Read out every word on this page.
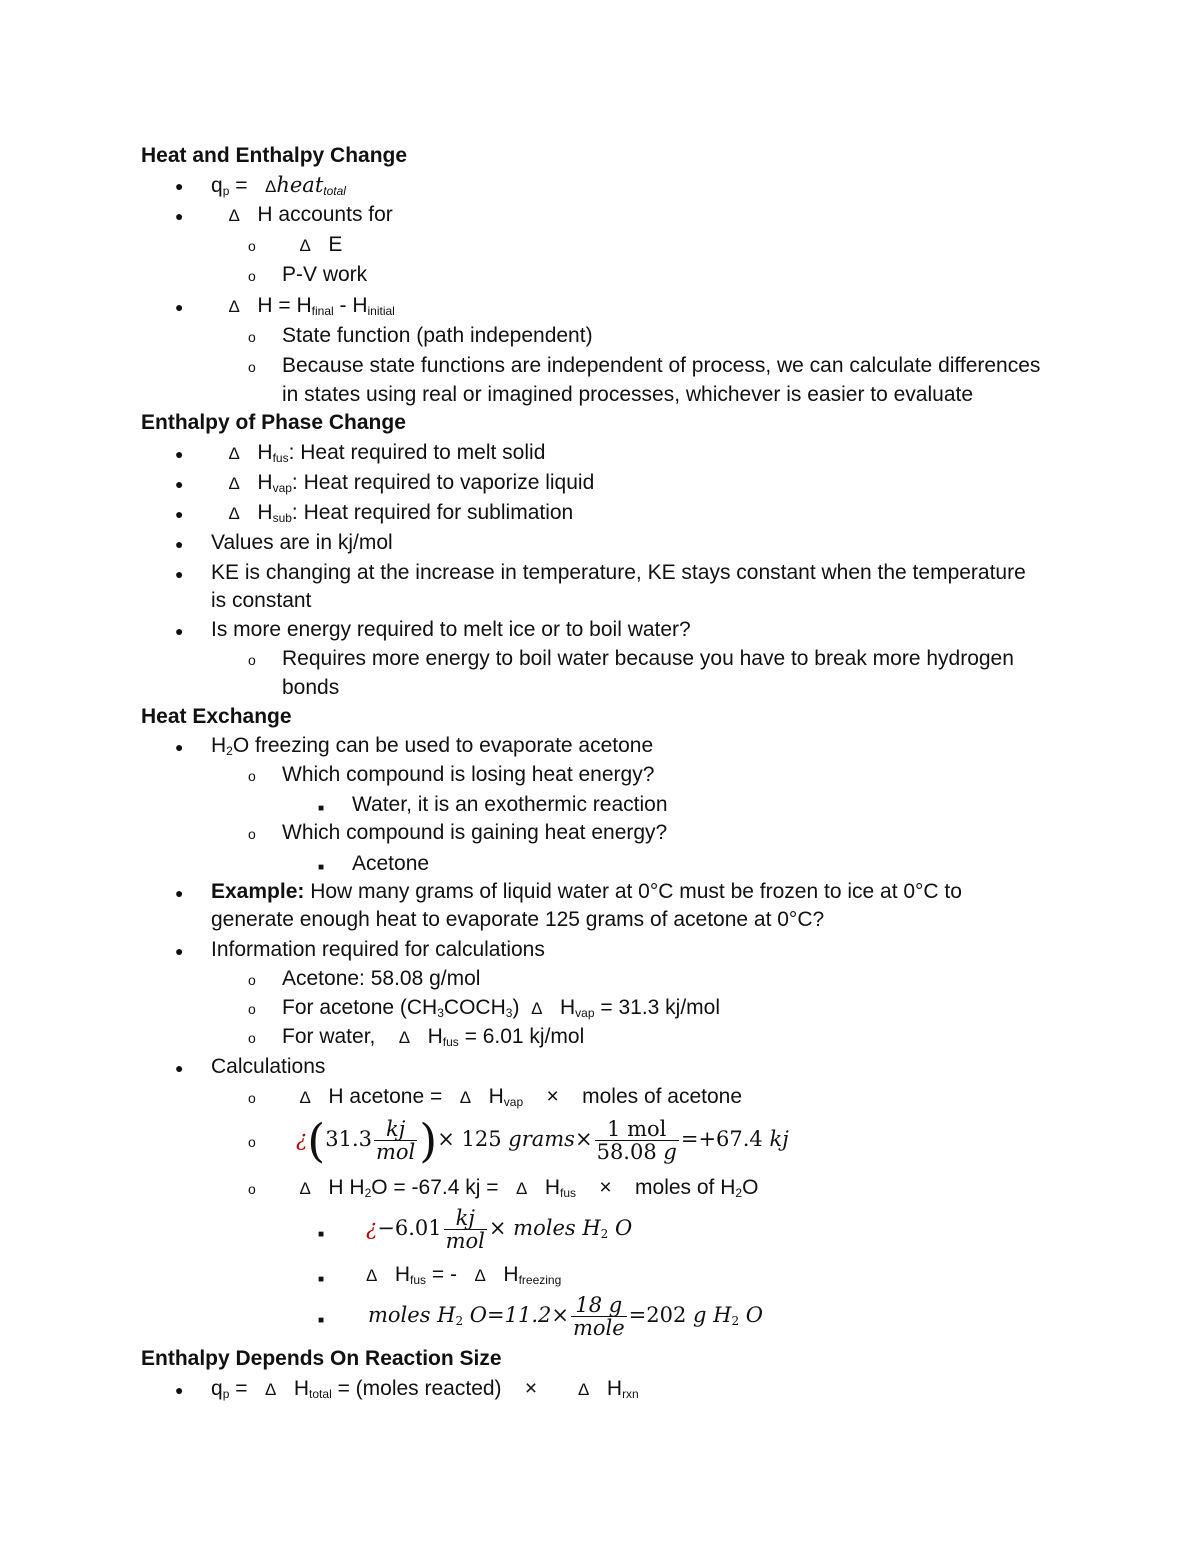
Heat and Enthalpy Change
● $q_p$ = Δheat$_{total}$
●	Δ H accounts for
o	Δ E
o P-V work
●	Δ $H = H_{final} - H_{initial}$
o State function (path independent)
o Because state functions are independent of process, we can calculate differences
in states using real or imagined processes, whichever is easier to evaluate
Enthalpy of Phase Change
●	Δ $H_{fus}$: Heat required to melt solid
●	Δ $H_{vap}$: Heat required to vaporize liquid
●	Δ $H_{sub}$: Heat required for sublimation
● Values are in kj/mol
● KE is changing at the increase in temperature, KE stays constant when the temperature
is constant
● Is more energy required to melt ice or to boil water?
o Requires more energy to boil water because you have to break more hydrogen
bonds
Heat Exchange
● $H_2O$ freezing can be used to evaporate acetone
o Which compound is losing heat energy?
■ Water, it is an exothermic reaction
o Which compound is gaining heat energy?
■ Acetone
● Example: How many grams of liquid water at 0°C must be frozen to ice at 0°C to
generate enough heat to evaporate 125 grams of acetone at 0°C?
● Information required for calculations
o Acetone: 58.08 g/mol
o For acetone $(CH_3COCH_3)$ Δ $H_{vap} = 31.3$ kj/mol
o For water, Δ $H_{fus} = 6.01$ kj/mol
● Calculations
o	Δ H acetone = Δ $H_{vap}$ × moles of acetone
o ¿($31.3 \frac{kj}{\text{mol}}$ )× 125 grams× $\frac{\text{1 mol}}{58.08 g} =+67.4$ kj
o	Δ H $H_2O = -67.4$ kj = Δ $H_{fus}$ × moles of $H_2O$
■ ¿$-6.01 \frac{kj}{\text{mol}}$ × moles $H_2$ O
■ Δ $H_{fus}$ = - Δ $H_{freezing}$
■ moles $H_2$ $O=11.2\times \frac{18 g}{\text{mole}} =202$ g $H_2$ O
Enthalpy Depends On Reaction Size
● $q_p = \Delta$ $H_{total}$ = (moles reacted) × Δ $H_{rxn}$
